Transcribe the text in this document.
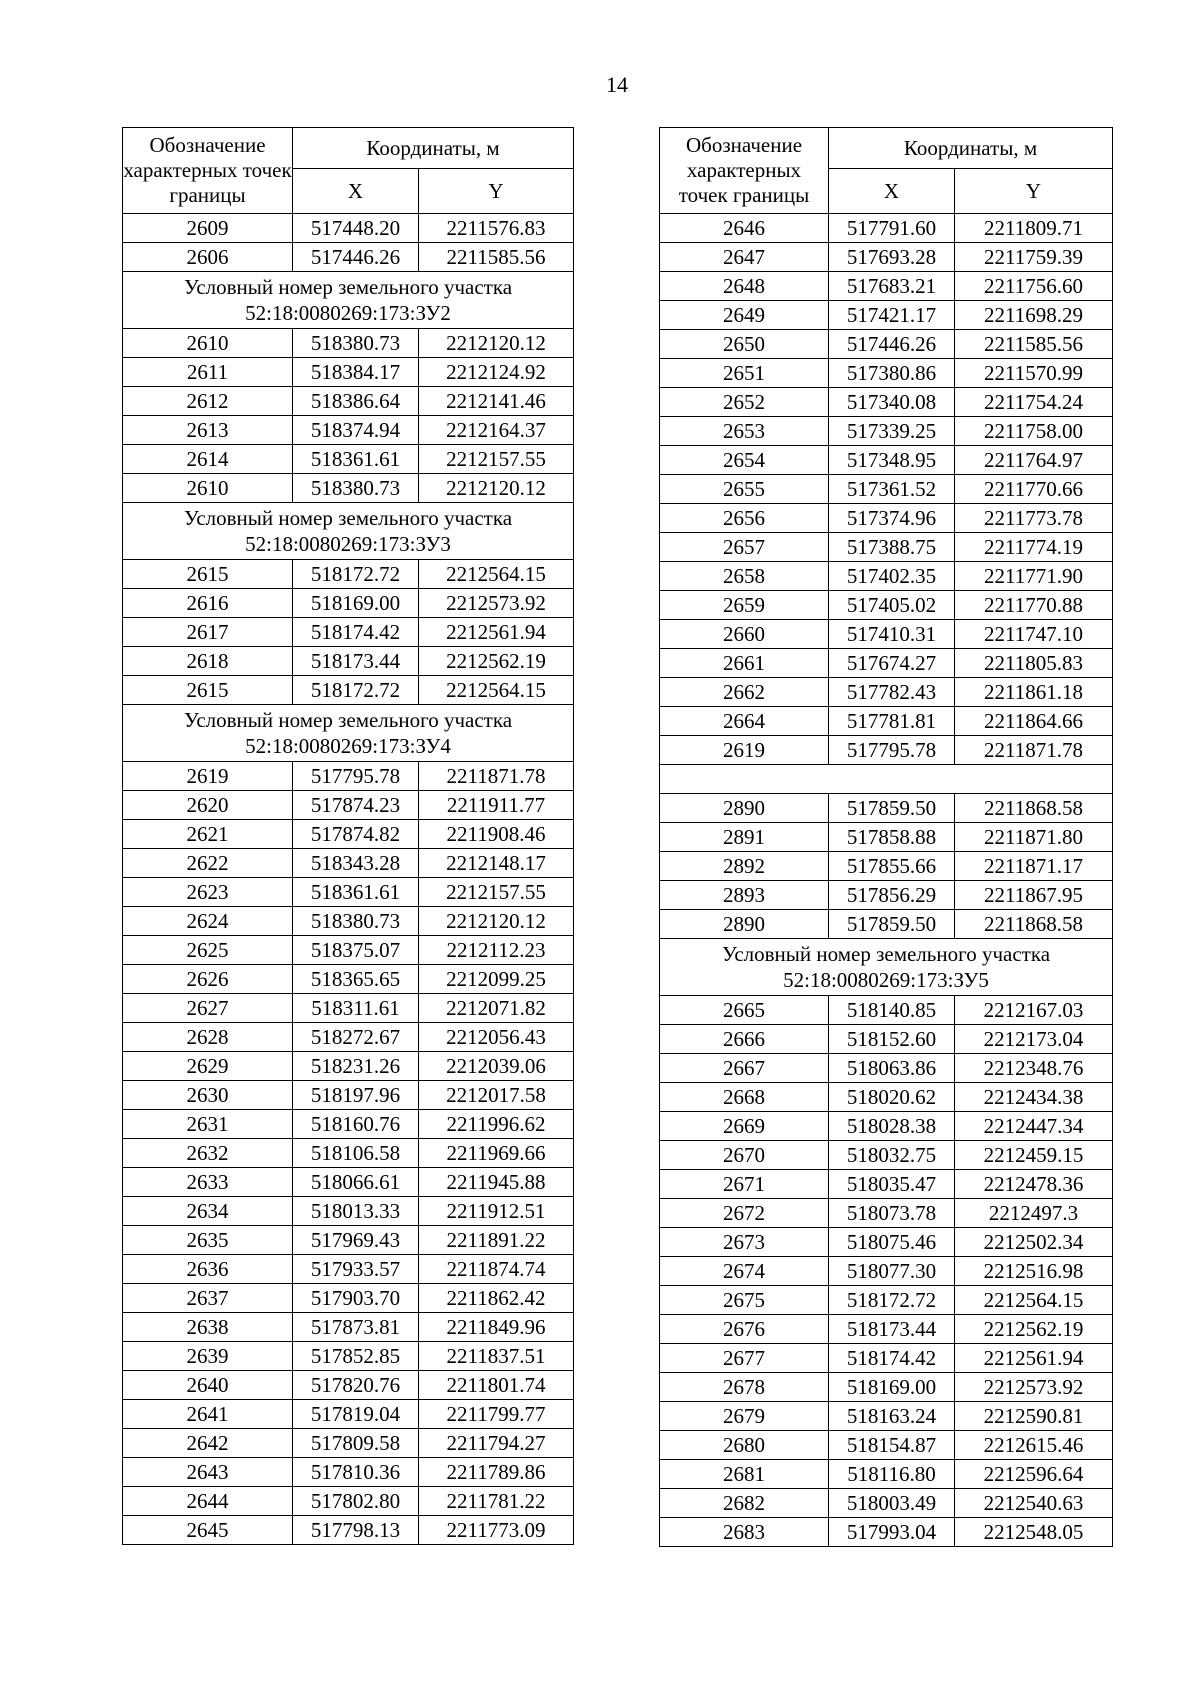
14
Обозначение характерных точек границы	Координаты, м	
	X	Y
2609	517448.20	2211576.83
2606	517446.26	2211585.56

Условный номер земельного участка
52:18:0080269:173:ЗУ2		

2610	518380.73	2212120.12
2611	518384.17	2212124.92
2612	518386.64	2212141.46
2613	518374.94	2212164.37
2614	518361.61	2212157.55
2610	518380.73	2212120.12

Условный номер земельного участка
52:18:0080269:173:ЗУ3		

2615	518172.72	2212564.15
2616	518169.00	2212573.92
2617	518174.42	2212561.94
2618	518173.44	2212562.19
2615	518172.72	2212564.15

Условный номер земельного участка
52:18:0080269:173:ЗУ4		

2619	517795.78	2211871.78
2620	517874.23	2211911.77
2621	517874.82	2211908.46
2622	518343.28	2212148.17
2623	518361.61	2212157.55
2624	518380.73	2212120.12
2625	518375.07	2212112.23
2626	518365.65	2212099.25
2627	518311.61	2212071.82
2628	518272.67	2212056.43
2629	518231.26	2212039.06
2630	518197.96	2212017.58
2631	518160.76	2211996.62
2632	518106.58	2211969.66
2633	518066.61	2211945.88
2634	518013.33	2211912.51
2635	517969.43	2211891.22
2636	517933.57	2211874.74
2637	517903.70	2211862.42
2638	517873.81	2211849.96
2639	517852.85	2211837.51
2640	517820.76	2211801.74
2641	517819.04	2211799.77
2642	517809.58	2211794.27
2643	517810.36	2211789.86
2644	517802.80	2211781.22
2645	517798.13	2211773.09
Обозначение характерных точек границы	Координаты, м	
	X	Y
2646	517791.60	2211809.71
2647	517693.28	2211759.39
2648	517683.21	2211756.60
2649	517421.17	2211698.29
2650	517446.26	2211585.56
2651	517380.86	2211570.99
2652	517340.08	2211754.24
2653	517339.25	2211758.00
2654	517348.95	2211764.97
2655	517361.52	2211770.66
2656	517374.96	2211773.78
2657	517388.75	2211774.19
2658	517402.35	2211771.90
2659	517405.02	2211770.88
2660	517410.31	2211747.10
2661	517674.27	2211805.83
2662	517782.43	2211861.18
2664	517781.81	2211864.66
2619	517795.78	2211871.78

2890	517859.50	2211868.58
2891	517858.88	2211871.80
2892	517855.66	2211871.17
2893	517856.29	2211867.95
2890	517859.50	2211868.58

Условный номер земельного участка
52:18:0080269:173:ЗУ5		

2665	518140.85	2212167.03
2666	518152.60	2212173.04
2667	518063.86	2212348.76
2668	518020.62	2212434.38
2669	518028.38	2212447.34
2670	518032.75	2212459.15
2671	518035.47	2212478.36
2672	518073.78	2212497.3
2673	518075.46	2212502.34
2674	518077.30	2212516.98
2675	518172.72	2212564.15
2676	518173.44	2212562.19
2677	518174.42	2212561.94
2678	518169.00	2212573.92
2679	518163.24	2212590.81
2680	518154.87	2212615.46
2681	518116.80	2212596.64
2682	518003.49	2212540.63
2683	517993.04	2212548.05
